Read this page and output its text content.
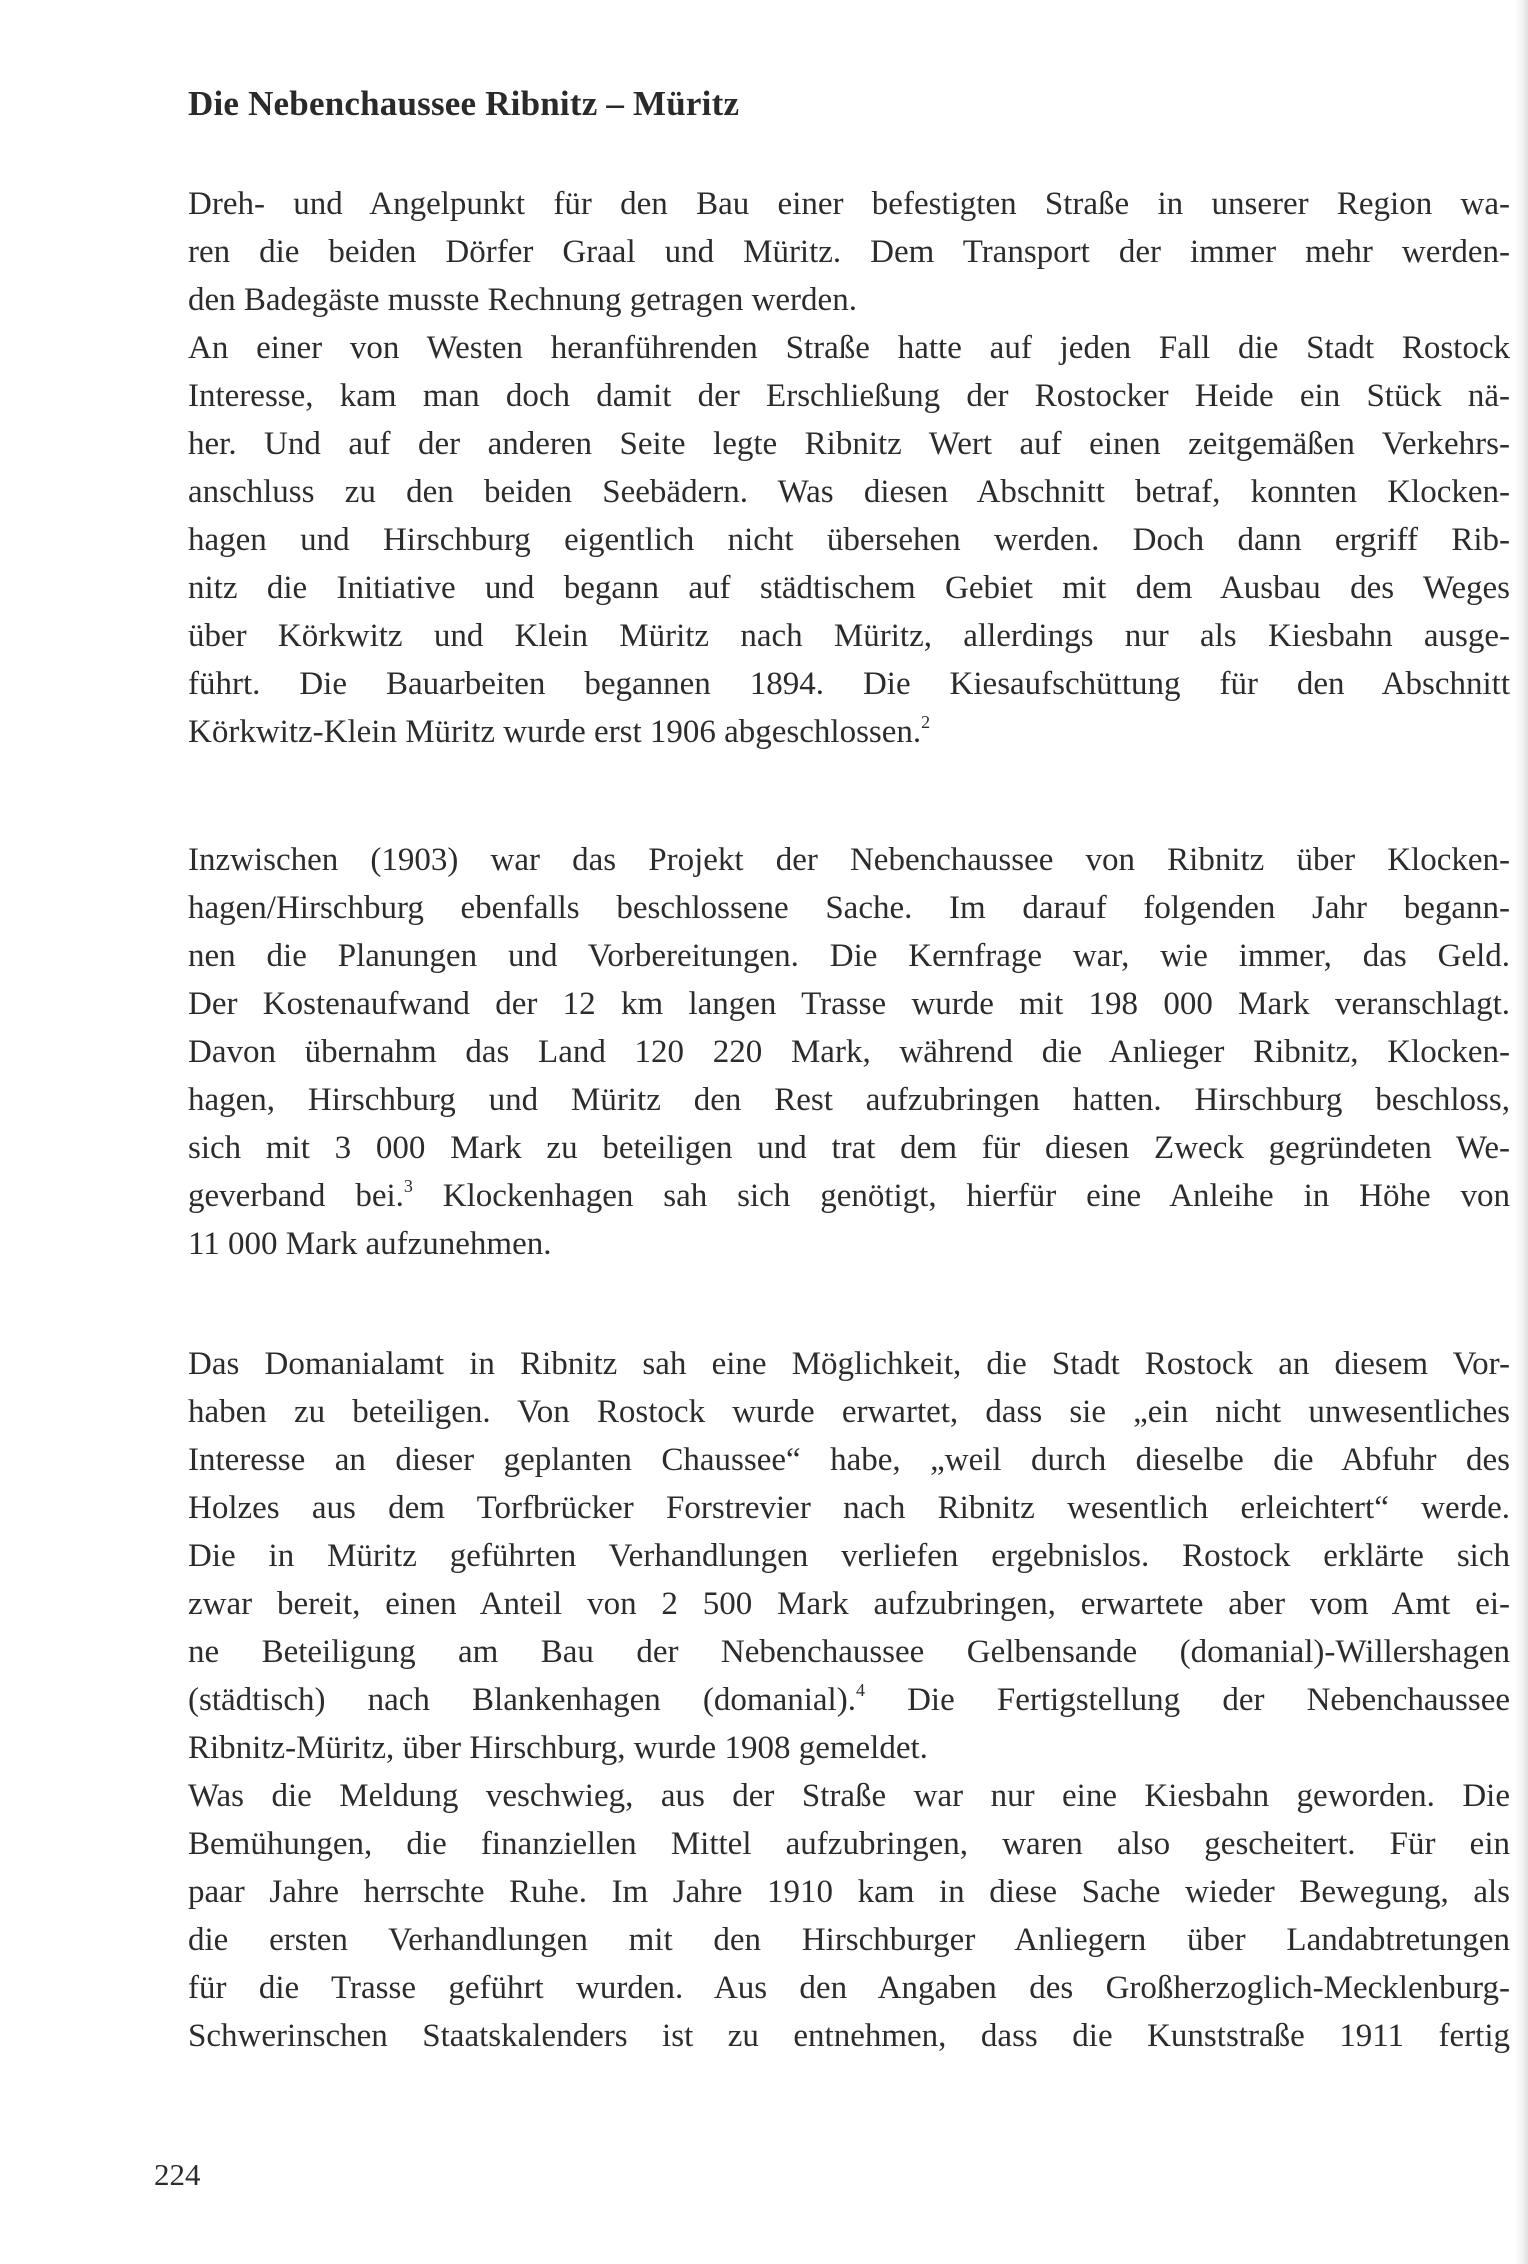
Die Nebenchaussee Ribnitz – Müritz
Dreh- und Angelpunkt für den Bau einer befestigten Straße in unserer Region wa-
ren die beiden Dörfer Graal und Müritz. Dem Transport der immer mehr werden-
den Badegäste musste Rechnung getragen werden.
An einer von Westen heranführenden Straße hatte auf jeden Fall die Stadt Rostock
Interesse, kam man doch damit der Erschließung der Rostocker Heide ein Stück nä-
her. Und auf der anderen Seite legte Ribnitz Wert auf einen zeitgemäßen Verkehrs-
anschluss zu den beiden Seebädern. Was diesen Abschnitt betraf, konnten Klocken-
hagen und Hirschburg eigentlich nicht übersehen werden. Doch dann ergriff Rib-
nitz die Initiative und begann auf städtischem Gebiet mit dem Ausbau des Weges
über Körkwitz und Klein Müritz nach Müritz, allerdings nur als Kiesbahn ausge-
führt. Die Bauarbeiten begannen 1894. Die Kiesaufschüttung für den Abschnitt
Körkwitz-Klein Müritz wurde erst 1906 abgeschlossen.$^2$
Inzwischen (1903) war das Projekt der Nebenchaussee von Ribnitz über Klocken-
hagen/Hirschburg ebenfalls beschlossene Sache. Im darauf folgenden Jahr begann-
nen die Planungen und Vorbereitungen. Die Kernfrage war, wie immer, das Geld.
Der Kostenaufwand der 12 km langen Trasse wurde mit 198 000 Mark veranschlagt.
Davon übernahm das Land 120 220 Mark, während die Anlieger Ribnitz, Klocken-
hagen, Hirschburg und Müritz den Rest aufzubringen hatten. Hirschburg beschloss,
sich mit 3 000 Mark zu beteiligen und trat dem für diesen Zweck gegründeten We-
geverband bei.$^3$ Klockenhagen sah sich genötigt, hierfür eine Anleihe in Höhe von
11 000 Mark aufzunehmen.
Das Domanialamt in Ribnitz sah eine Möglichkeit, die Stadt Rostock an diesem Vor-
haben zu beteiligen. Von Rostock wurde erwartet, dass sie „ein nicht unwesentliches
Interesse an dieser geplanten Chaussee“ habe, „weil durch dieselbe die Abfuhr des
Holzes aus dem Torfbrücker Forstrevier nach Ribnitz wesentlich erleichtert“ werde.
Die in Müritz geführten Verhandlungen verliefen ergebnislos. Rostock erklärte sich
zwar bereit, einen Anteil von 2 500 Mark aufzubringen, erwartete aber vom Amt ei-
ne Beteiligung am Bau der Nebenchaussee Gelbensande (domanial)-Willershagen
(städtisch) nach Blankenhagen (domanial).$^4$ Die Fertigstellung der Nebenchaussee
Ribnitz-Müritz, über Hirschburg, wurde 1908 gemeldet.
Was die Meldung veschwieg, aus der Straße war nur eine Kiesbahn geworden. Die
Bemühungen, die finanziellen Mittel aufzubringen, waren also gescheitert. Für ein
paar Jahre herrschte Ruhe. Im Jahre 1910 kam in diese Sache wieder Bewegung, als
die ersten Verhandlungen mit den Hirschburger Anliegern über Landabtretungen
für die Trasse geführt wurden. Aus den Angaben des Großherzoglich-Mecklenburg-
Schwerinschen Staatskalenders ist zu entnehmen, dass die Kunststraße 1911 fertig
224
